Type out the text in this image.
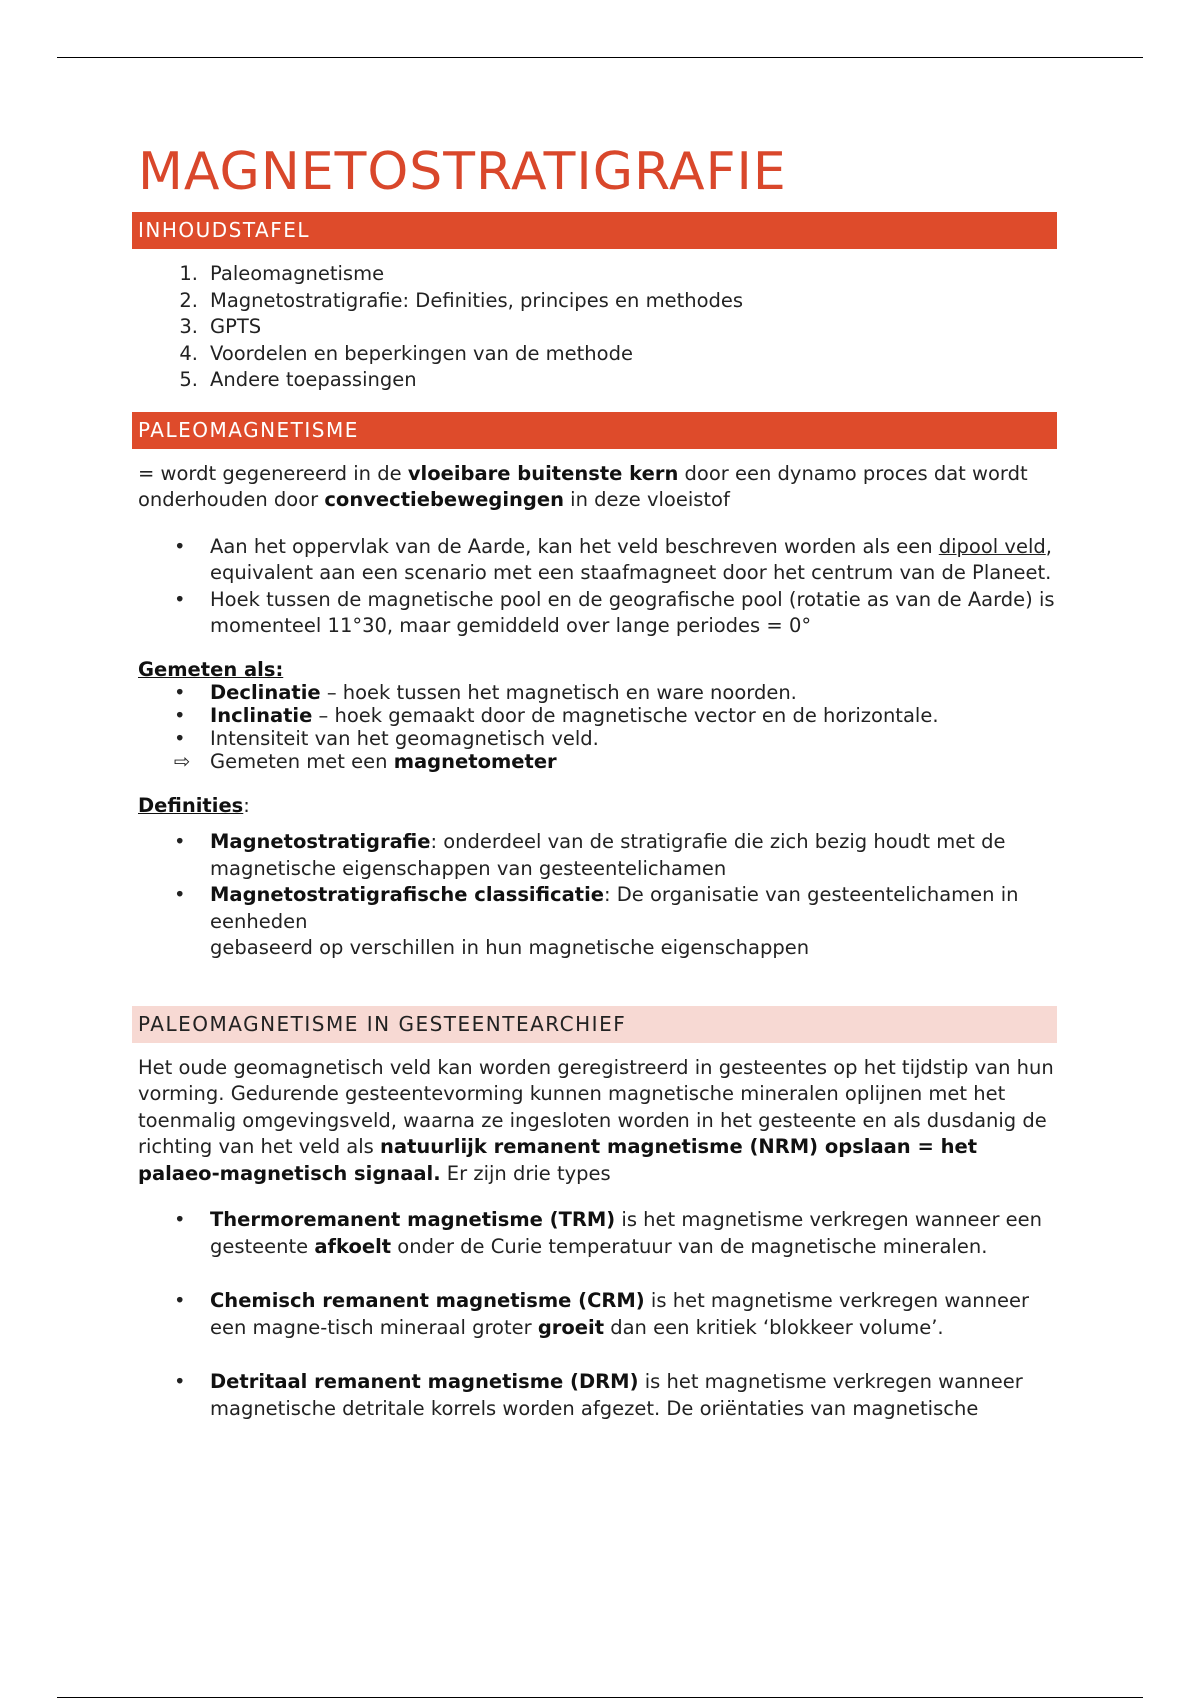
MAGNETOSTRATIGRAFIE
INHOUDSTAFEL
1. Paleomagnetisme
2. Magnetostratigrafie: Definities, principes en methodes
3. GPTS
4. Voordelen en beperkingen van de methode
5. Andere toepassingen
PALEOMAGNETISME

= wordt gegenereerd in de vloeibare buitenste kern door een dynamo proces dat wordt onderhouden door convectiebewegingen in deze vloeistof

• Aan het oppervlak van de Aarde, kan het veld beschreven worden als een dipool veld, equivalent aan een scenario met een staafmagneet door het centrum van de Planeet.
• Hoek tussen de magnetische pool en de geografische pool (rotatie as van de Aarde) is momenteel 11°30, maar gemiddeld over lange periodes = 0°

Gemeten als:

• Declinatie – hoek tussen het magnetisch en ware noorden.
• Inclinatie – hoek gemaakt door de magnetische vector en de horizontale.
• Intensiteit van het geomagnetisch veld.
⇨ Gemeten met een magnetometer

Definities:

• Magnetostratigrafie: onderdeel van de stratigrafie die zich bezig houdt met de magnetische eigenschappen van gesteentelichamen
• Magnetostratigrafische classificatie: De organisatie van gesteentelichamen in eenheden
gebaseerd op verschillen in hun magnetische eigenschappen
PALEOMAGNETISME IN GESTEENTEARCHIEF

Het oude geomagnetisch veld kan worden geregistreerd in gesteentes op het tijdstip van hun vorming. Gedurende gesteentevorming kunnen magnetische mineralen oplijnen met het toenmalig omgevingsveld, waarna ze ingesloten worden in het gesteente en als dusdanig de richting van het veld als natuurlijk remanent magnetisme (NRM) opslaan = het palaeo-magnetisch signaal. Er zijn drie types

• Thermoremanent magnetisme (TRM) is het magnetisme verkregen wanneer een gesteente afkoelt onder de Curie temperatuur van de magnetische mineralen.
• Chemisch remanent magnetisme (CRM) is het magnetisme verkregen wanneer een magne-tisch mineraal groter groeit dan een kritiek ‘blokkeer volume’.
• Detritaal remanent magnetisme (DRM) is het magnetisme verkregen wanneer magnetische detritale korrels worden afgezet. De oriëntaties van magnetische
